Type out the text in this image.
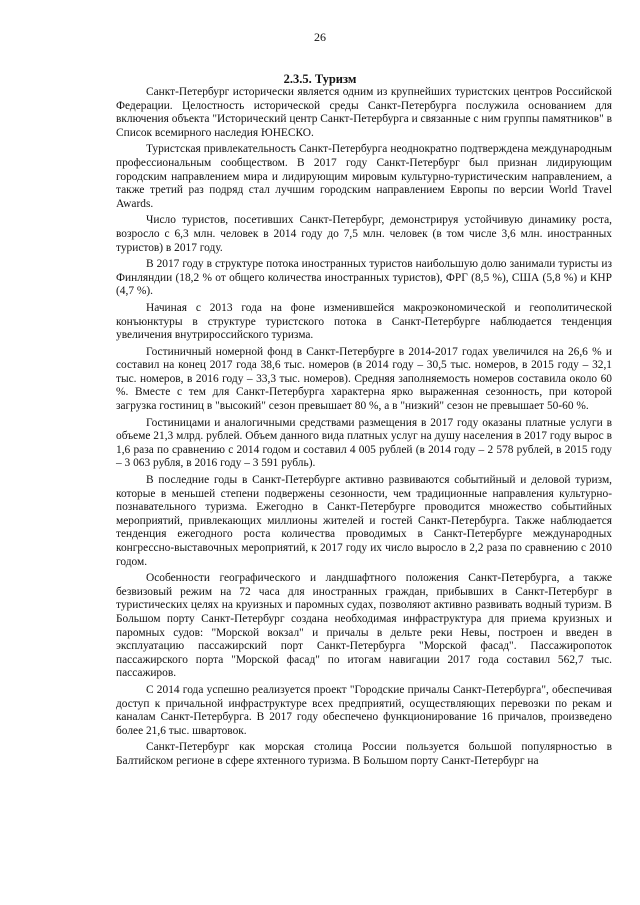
26
2.3.5. Туризм

Санкт-Петербург исторически является одним из крупнейших туристских центров Российской Федерации. Целостность исторической среды Санкт-Петербурга послужила основанием для включения объекта "Исторический центр Санкт-Петербурга и связанные с ним группы памятников" в Список всемирного наследия ЮНЕСКО.

Туристская привлекательность Санкт-Петербурга неоднократно подтверждена международным профессиональным сообществом. В 2017 году Санкт-Петербург был признан лидирующим городским направлением мира и лидирующим мировым культурно-туристическим направлением, а также третий раз подряд стал лучшим городским направлением Европы по версии World Travel Awards.

Число туристов, посетивших Санкт-Петербург, демонстрируя устойчивую динамику роста, возросло с 6,3 млн. человек в 2014 году до 7,5 млн. человек (в том числе 3,6 млн. иностранных туристов) в 2017 году.

В 2017 году в структуре потока иностранных туристов наибольшую долю занимали туристы из Финляндии (18,2 % от общего количества иностранных туристов), ФРГ (8,5 %), США (5,8 %) и КНР (4,7 %).

Начиная с 2013 года на фоне изменившейся макроэкономической и геополитической конъюнктуры в структуре туристского потока в Санкт-Петербурге наблюдается тенденция увеличения внутрироссийского туризма.

Гостиничный номерной фонд в Санкт-Петербурге в 2014-2017 годах увеличился на 26,6 % и составил на конец 2017 года 38,6 тыс. номеров (в 2014 году – 30,5 тыс. номеров, в 2015 году – 32,1 тыс. номеров, в 2016 году – 33,3 тыс. номеров). Средняя заполняемость номеров составила около 60 %. Вместе с тем для Санкт-Петербурга характерна ярко выраженная сезонность, при которой загрузка гостиниц в "высокий" сезон превышает 80 %, а в "низкий" сезон не превышает 50-60 %.

Гостиницами и аналогичными средствами размещения в 2017 году оказаны платные услуги в объеме 21,3 млрд. рублей. Объем данного вида платных услуг на душу населения в 2017 году вырос в 1,6 раза по сравнению с 2014 годом и составил 4 005 рублей (в 2014 году – 2 578 рублей, в 2015 году – 3 063 рубля, в 2016 году – 3 591 рубль).

В последние годы в Санкт-Петербурге активно развиваются событийный и деловой туризм, которые в меньшей степени подвержены сезонности, чем традиционные направления культурно-познавательного туризма. Ежегодно в Санкт-Петербурге проводится множество событийных мероприятий, привлекающих миллионы жителей и гостей Санкт-Петербурга. Также наблюдается тенденция ежегодного роста количества проводимых в Санкт-Петербурге международных конгрессно-выставочных мероприятий, к 2017 году их число выросло в 2,2 раза по сравнению с 2010 годом.

Особенности географического и ландшафтного положения Санкт-Петербурга, а также безвизовый режим на 72 часа для иностранных граждан, прибывших в Санкт-Петербург в туристических целях на круизных и паромных судах, позволяют активно развивать водный туризм. В Большом порту Санкт-Петербург создана необходимая инфраструктура для приема круизных и паромных судов: "Морской вокзал" и причалы в дельте реки Невы, построен и введен в эксплуатацию пассажирский порт Санкт-Петербурга "Морской фасад". Пассажиропоток пассажирского порта "Морской фасад" по итогам навигации 2017 года составил 562,7 тыс. пассажиров.

С 2014 года успешно реализуется проект "Городские причалы Санкт-Петербурга", обеспечивая доступ к причальной инфраструктуре всех предприятий, осуществляющих перевозки по рекам и каналам Санкт-Петербурга. В 2017 году обеспечено функционирование 16 причалов, произведено более 21,6 тыс. швартовок.

Санкт-Петербург как морская столица России пользуется большой популярностью в Балтийском регионе в сфере яхтенного туризма. В Большом порту Санкт-Петербург на
